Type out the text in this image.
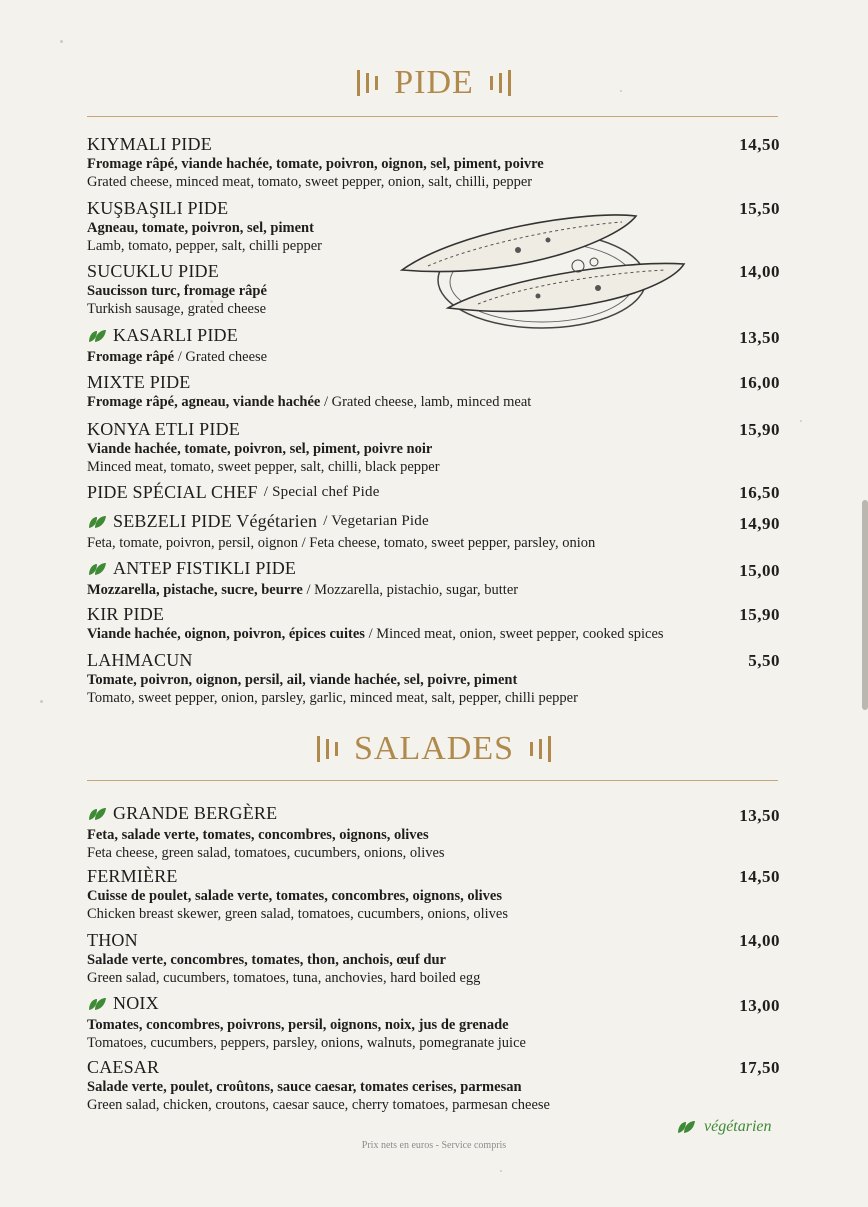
PIDE
KIYMALI PIDE	14,50
Fromage râpé, viande hachée, tomate, poivron, oignon, sel, piment, poivre
Grated cheese, minced meat, tomato, sweet pepper, onion, salt, chilli, pepper
KUŞBAŞILI PIDE	15,50
Agneau, tomate, poivron, sel, piment
Lamb, tomato, pepper, salt, chilli pepper
SUCUKLU PIDE	14,00
Saucisson turc, fromage râpé
Turkish sausage, grated cheese
KASARLI PIDE	13,50
Fromage râpé / Grated cheese
MIXTE PIDE	16,00
Fromage râpé, agneau, viande hachée / Grated cheese, lamb, minced meat
KONYA ETLI PIDE	15,90
Viande hachée, tomate, poivron, sel, piment, poivre noir
Minced meat, tomato, sweet pepper, salt, chilli, black pepper
PIDE SPÉCIAL CHEF / Special chef Pide	16,50
SEBZELI PIDE Végétarien / Vegetarian Pide	14,90
Feta, tomate, poivron, persil, oignon / Feta cheese, tomato, sweet pepper, parsley, onion
ANTEP FISTIKLI PIDE	15,00
Mozzarella, pistache, sucre, beurre / Mozzarella, pistachio, sugar, butter
KIR PIDE	15,90
Viande hachée, oignon, poivron, épices cuites / Minced meat, onion, sweet pepper, cooked spices
LAHMACUN	5,50
Tomate, poivron, oignon, persil, ail, viande hachée, sel, poivre, piment
Tomato, sweet pepper, onion, parsley, garlic, minced meat, salt, pepper, chilli pepper
SALADES
GRANDE BERGÈRE	13,50
Feta, salade verte, tomates, concombres, oignons, olives
Feta cheese, green salad, tomatoes, cucumbers, onions, olives
FERMIÈRE	14,50
Cuisse de poulet, salade verte, tomates, concombres, oignons, olives
Chicken breast skewer, green salad, tomatoes, cucumbers, onions, olives
THON	14,00
Salade verte, concombres, tomates, thon, anchois, œuf dur
Green salad, cucumbers, tomatoes, tuna, anchovies, hard boiled egg
NOIX	13,00
Tomates, concombres, poivrons, persil, oignons, noix, jus de grenade
Tomatoes, cucumbers, peppers, parsley, onions, walnuts, pomegranate juice
CAESAR	17,50
Salade verte, poulet, croûtons, sauce caesar, tomates cerises, parmesan
Green salad, chicken, croutons, caesar sauce, cherry tomatoes, parmesan cheese
végétarien
Prix nets en euros - Service compris
